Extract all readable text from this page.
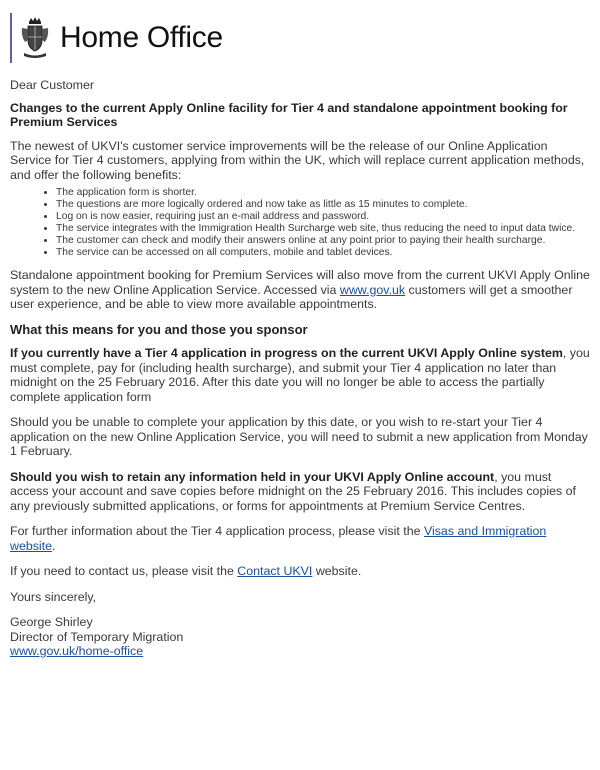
Home Office

Dear Customer

Changes to the current Apply Online facility for Tier 4 and standalone appointment booking for Premium Services

The newest of UKVI's customer service improvements will be the release of our Online Application Service for Tier 4 customers, applying from within the UK, which will replace current application methods, and offer the following benefits:

• The application form is shorter.
• The questions are more logically ordered and now take as little as 15 minutes to complete.
• Log on is now easier, requiring just an e-mail address and password.
• The service integrates with the Immigration Health Surcharge web site, thus reducing the need to input data twice.
• The customer can check and modify their answers online at any point prior to paying their health surcharge.
• The service can be accessed on all computers, mobile and tablet devices.

Standalone appointment booking for Premium Services will also move from the current UKVI Apply Online system to the new Online Application Service. Accessed via www.gov.uk customers will get a smoother user experience, and be able to view more available appointments.

What this means for you and those you sponsor

If you currently have a Tier 4 application in progress on the current UKVI Apply Online system, you must complete, pay for (including health surcharge), and submit your Tier 4 application no later than midnight on the 25 February 2016. After this date you will no longer be able to access the partially complete application form

Should you be unable to complete your application by this date, or you wish to re-start your Tier 4 application on the new Online Application Service, you will need to submit a new application from Monday 1 February.

Should you wish to retain any information held in your UKVI Apply Online account, you must access your account and save copies before midnight on the 25 February 2016. This includes copies of any previously submitted applications, or forms for appointments at Premium Service Centres.

For further information about the Tier 4 application process, please visit the Visas and Immigration website.

If you need to contact us, please visit the Contact UKVI website.

Yours sincerely,

George Shirley
Director of Temporary Migration
www.gov.uk/home-office
